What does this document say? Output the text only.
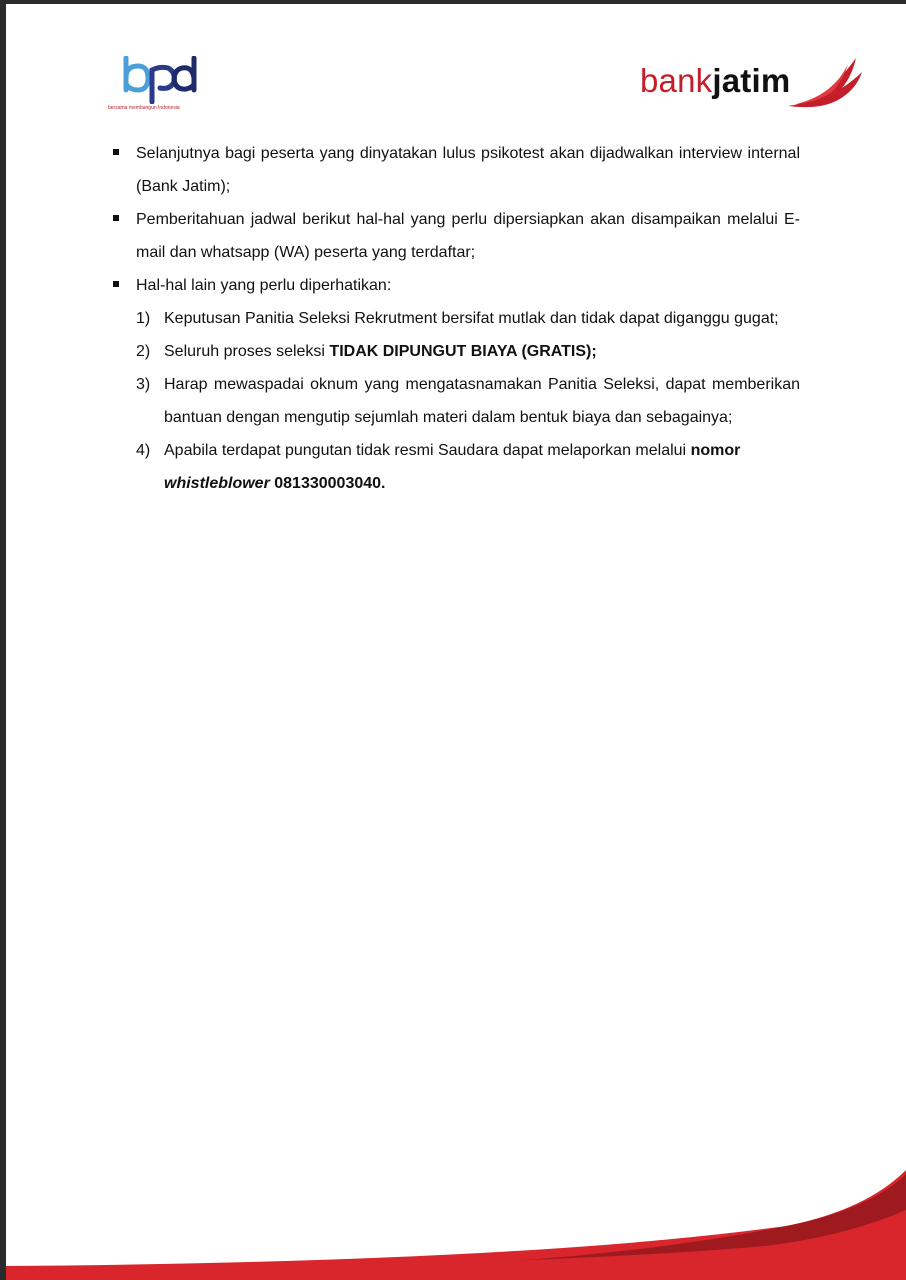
bersama membangun Indonesia
bankjatim
Selanjutnya bagi peserta yang dinyatakan lulus psikotest akan dijadwalkan interview internal (Bank Jatim);
Pemberitahuan jadwal berikut hal-hal yang perlu dipersiapkan akan disampaikan melalui E-mail dan whatsapp (WA) peserta yang terdaftar;
Hal-hal lain yang perlu diperhatikan:
1) Keputusan Panitia Seleksi Rekrutment bersifat mutlak dan tidak dapat diganggu gugat;
2) Seluruh proses seleksi TIDAK DIPUNGUT BIAYA (GRATIS);
3) Harap mewaspadai oknum yang mengatasnamakan Panitia Seleksi, dapat memberikan bantuan dengan mengutip sejumlah materi dalam bentuk biaya dan sebagainya;
4) Apabila terdapat pungutan tidak resmi Saudara dapat melaporkan melalui nomor
whistleblower 081330003040.
